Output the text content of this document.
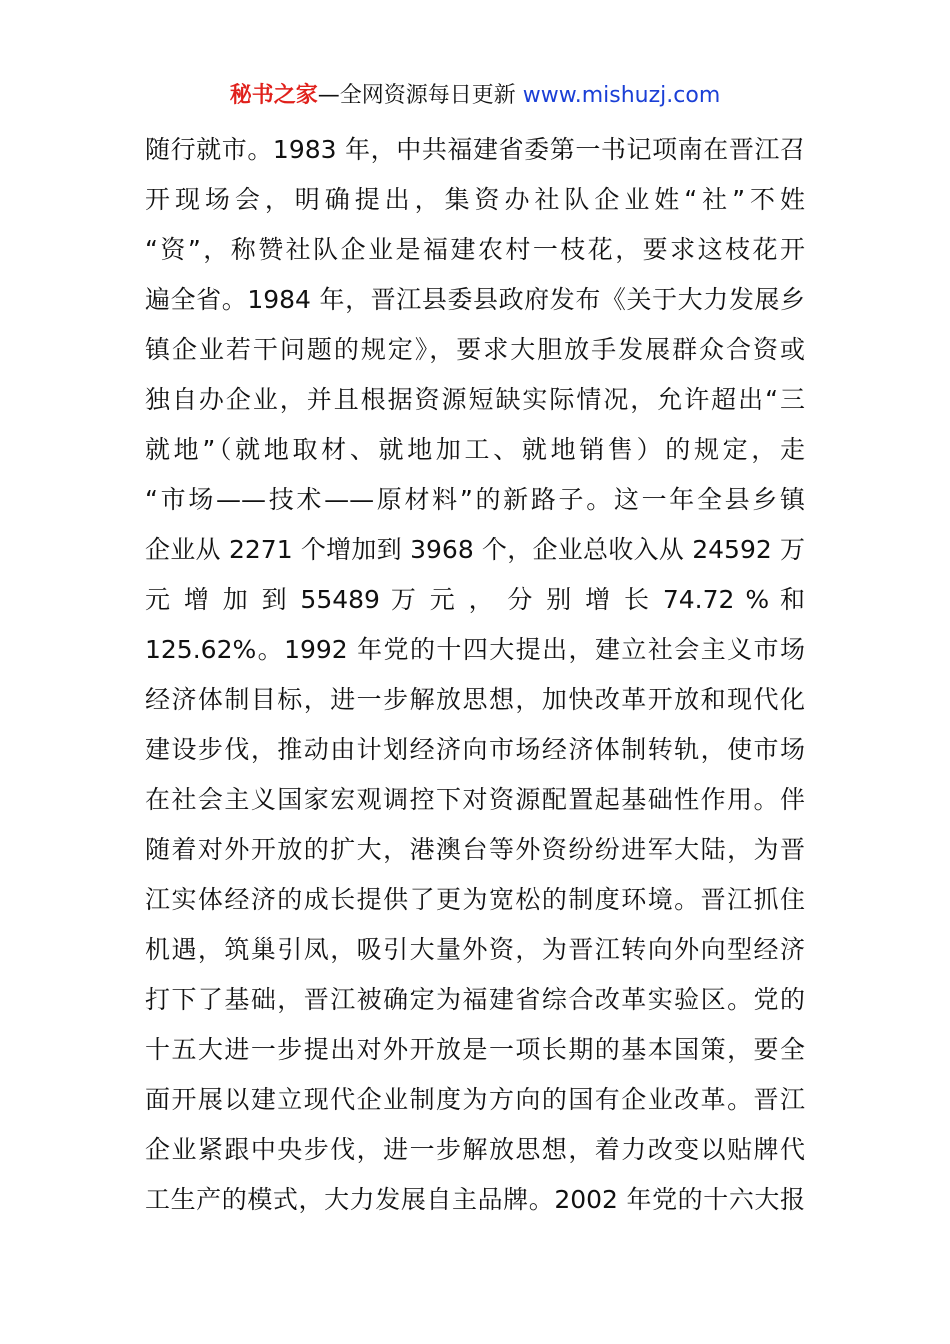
秘书之家—全网资源每日更新 www.mishuzj.com
随行就市。1983 年，中共福建省委第一书记项南在晋江召
开现场会，明确提出，集资办社队企业姓“社”不姓
“资”，称赞社队企业是福建农村一枝花，要求这枝花开
遍全省。1984 年，晋江县委县政府发布《关于大力发展乡
镇企业若干问题的规定》，要求大胆放手发展群众合资或
独自办企业，并且根据资源短缺实际情况，允许超出“三
就地”（就地取材、就地加工、就地销售）的规定，走
“市场——技术——原材料”的新路子。这一年全县乡镇
企业从 2271 个增加到 3968 个，企业总收入从 24592 万
元 增 加 到 55489 万 元 ， 分 别 增 长 74.72 % 和
125.62%。1992 年党的十四大提出，建立社会主义市场
经济体制目标，进一步解放思想，加快改革开放和现代化
建设步伐，推动由计划经济向市场经济体制转轨，使市场
在社会主义国家宏观调控下对资源配置起基础性作用。伴
随着对外开放的扩大，港澳台等外资纷纷进军大陆，为晋
江实体经济的成长提供了更为宽松的制度环境。晋江抓住
机遇，筑巢引凤，吸引大量外资，为晋江转向外向型经济
打下了基础，晋江被确定为福建省综合改革实验区。党的
十五大进一步提出对外开放是一项长期的基本国策，要全
面开展以建立现代企业制度为方向的国有企业改革。晋江
企业紧跟中央步伐，进一步解放思想，着力改变以贴牌代
工生产的模式，大力发展自主品牌。2002 年党的十六大报
